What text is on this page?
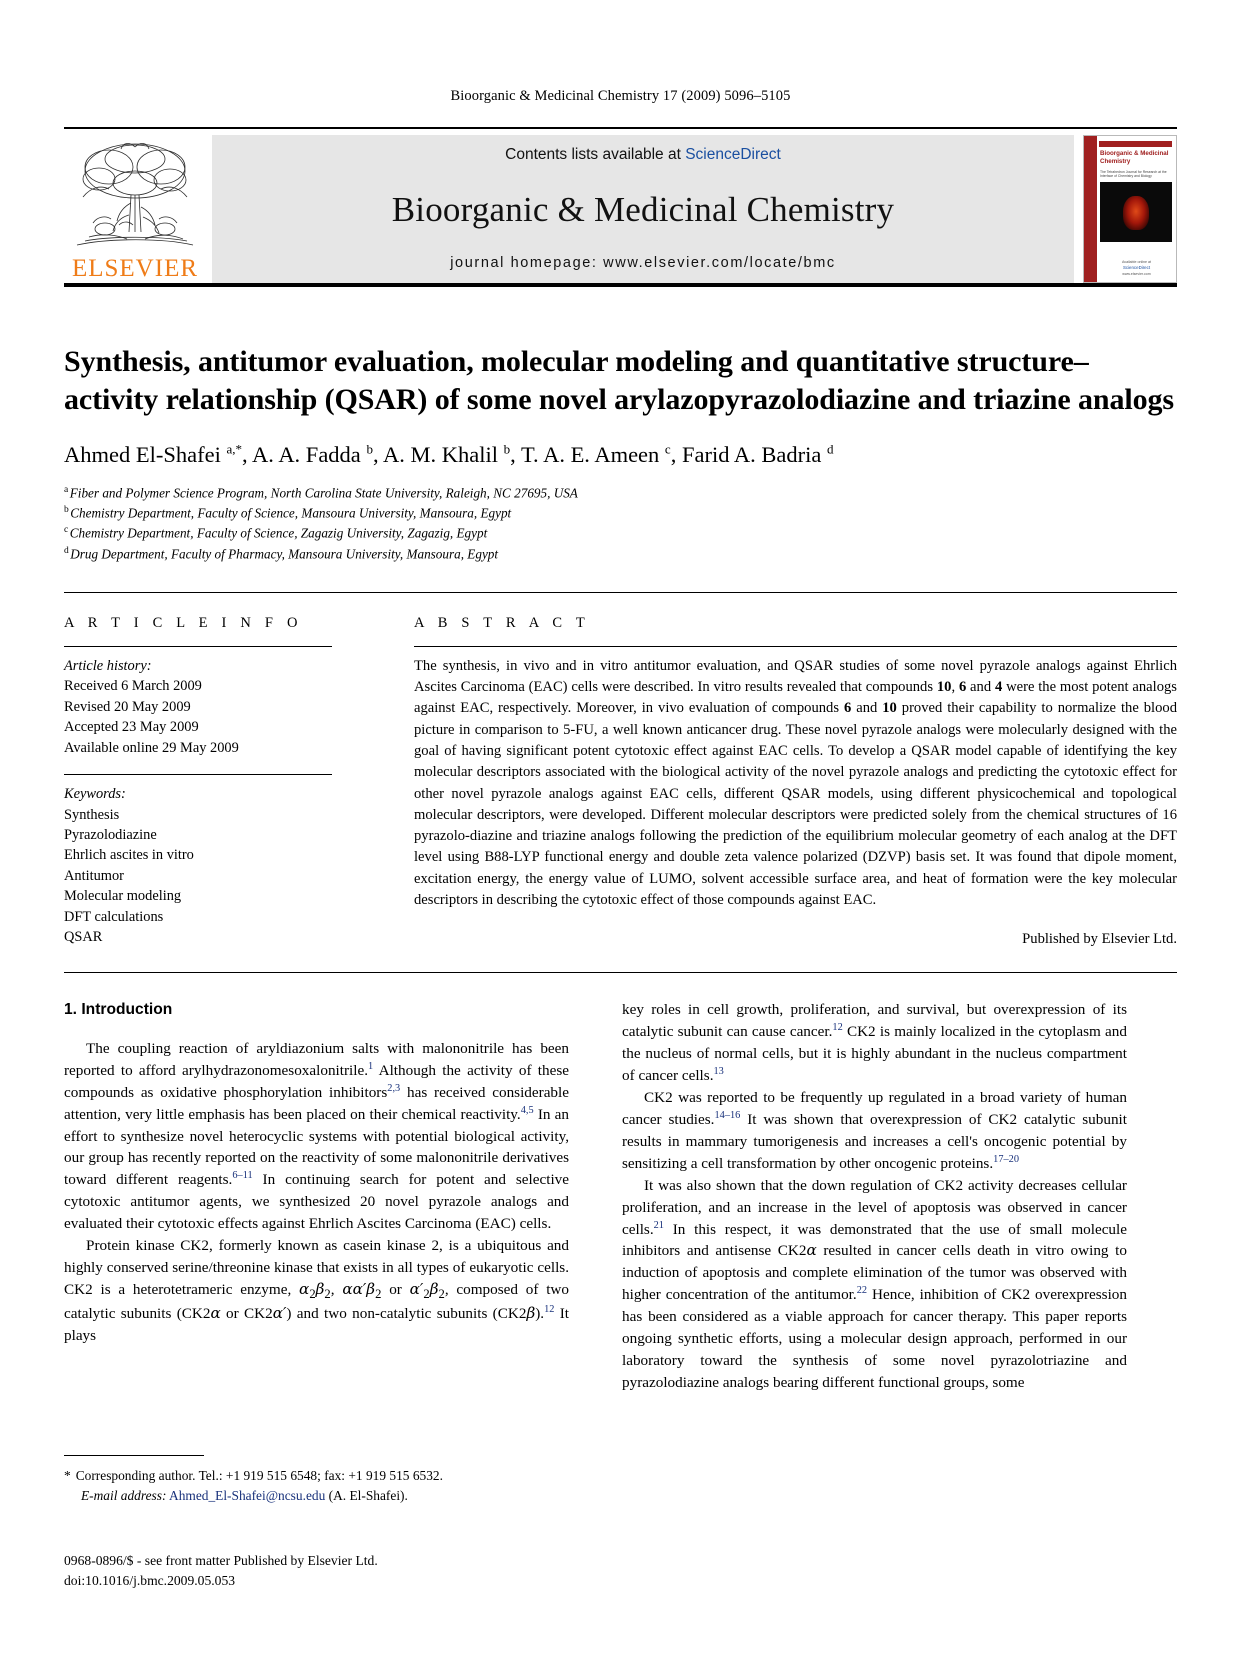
Bioorganic & Medicinal Chemistry 17 (2009) 5096–5105
ELSEVIER
Contents lists available at ScienceDirect
Bioorganic & Medicinal Chemistry
journal homepage: www.elsevier.com/locate/bmc
Bioorganic & Medicinal Chemistry
The Tetrahedron Journal for Research at the Interface of Chemistry and Biology
Available online at
ScienceDirect
www.elsevier.com
Synthesis, antitumor evaluation, molecular modeling and quantitative structure–activity relationship (QSAR) of some novel arylazopyrazolodiazine and triazine analogs
Ahmed El-Shafei $^{a,*}$, A. A. Fadda $^b$, A. M. Khalil $^b$, T. A. E. Ameen $^c$, Farid A. Badria $^d$
$^a$ Fiber and Polymer Science Program, North Carolina State University, Raleigh, NC 27695, USA
$^b$ Chemistry Department, Faculty of Science, Mansoura University, Mansoura, Egypt
$^c$ Chemistry Department, Faculty of Science, Zagazig University, Zagazig, Egypt
$^d$ Drug Department, Faculty of Pharmacy, Mansoura University, Mansoura, Egypt
A R T I C L E I N F O
Article history:
Received 6 March 2009
Revised 20 May 2009
Accepted 23 May 2009
Available online 29 May 2009
Keywords:
Synthesis
Pyrazolodiazine
Ehrlich ascites in vitro
Antitumor
Molecular modeling
DFT calculations
QSAR
A B S T R A C T
The synthesis, in vivo and in vitro antitumor evaluation, and QSAR studies of some novel pyrazole analogs against Ehrlich Ascites Carcinoma (EAC) cells were described. In vitro results revealed that compounds 10, 6 and 4 were the most potent analogs against EAC, respectively. Moreover, in vivo evaluation of compounds 6 and 10 proved their capability to normalize the blood picture in comparison to 5-FU, a well known anticancer drug. These novel pyrazole analogs were molecularly designed with the goal of having significant potent cytotoxic effect against EAC cells. To develop a QSAR model capable of identifying the key molecular descriptors associated with the biological activity of the novel pyrazole analogs and predicting the cytotoxic effect for other novel pyrazole analogs against EAC cells, different QSAR models, using different physicochemical and topological molecular descriptors, were developed. Different molecular descriptors were predicted solely from the chemical structures of 16 pyrazolo-diazine and triazine analogs following the prediction of the equilibrium molecular geometry of each analog at the DFT level using B88-LYP functional energy and double zeta valence polarized (DZVP) basis set. It was found that dipole moment, excitation energy, the energy value of LUMO, solvent accessible surface area, and heat of formation were the key molecular descriptors in describing the cytotoxic effect of those compounds against EAC.
Published by Elsevier Ltd.
1. Introduction

The coupling reaction of aryldiazonium salts with malononitrile has been reported to afford arylhydrazonomesoxalonitrile.$^1$ Although the activity of these compounds as oxidative phosphorylation inhibitors$^{2,3}$ has received considerable attention, very little emphasis has been placed on their chemical reactivity.$^{4,5}$ In an effort to synthesize novel heterocyclic systems with potential biological activity, our group has recently reported on the reactivity of some malononitrile derivatives toward different reagents.$^{6-11}$ In continuing search for potent and selective cytotoxic antitumor agents, we synthesized 20 novel pyrazole analogs and evaluated their cytotoxic effects against Ehrlich Ascites Carcinoma (EAC) cells.

Protein kinase CK2, formerly known as casein kinase 2, is a ubiquitous and highly conserved serine/threonine kinase that exists in all types of eukaryotic cells. CK2 is a heterotetrameric enzyme, $\alpha_2\beta_2$, $\alpha\alpha'\beta_2$ or $\alpha'_2\beta_2$, composed of two catalytic subunits (CK2α or CK2α′) and two non-catalytic subunits (CK2β).$^{12}$ It plays

key roles in cell growth, proliferation, and survival, but overexpression of its catalytic subunit can cause cancer.$^{12}$ CK2 is mainly localized in the cytoplasm and the nucleus of normal cells, but it is highly abundant in the nucleus compartment of cancer cells.$^{13}$

CK2 was reported to be frequently up regulated in a broad variety of human cancer studies.$^{14-16}$ It was shown that overexpression of CK2 catalytic subunit results in mammary tumorigenesis and increases a cell's oncogenic potential by sensitizing a cell transformation by other oncogenic proteins.$^{17-20}$

It was also shown that the down regulation of CK2 activity decreases cellular proliferation, and an increase in the level of apoptosis was observed in cancer cells.$^{21}$ In this respect, it was demonstrated that the use of small molecule inhibitors and antisense CK2α resulted in cancer cells death in vitro owing to induction of apoptosis and complete elimination of the tumor was observed with higher concentration of the antitumor.$^{22}$ Hence, inhibition of CK2 overexpression has been considered as a viable approach for cancer therapy. This paper reports ongoing synthetic efforts, using a molecular design approach, performed in our laboratory toward the synthesis of some novel pyrazolotriazine and pyrazolodiazine analogs bearing different functional groups, some

* Corresponding author. Tel.: +1 919 515 6548; fax: +1 919 515 6532.
E-mail address: Ahmed_El-Shafei@ncsu.edu (A. El-Shafei).
0968-0896/$ - see front matter Published by Elsevier Ltd.
doi:10.1016/j.bmc.2009.05.053
